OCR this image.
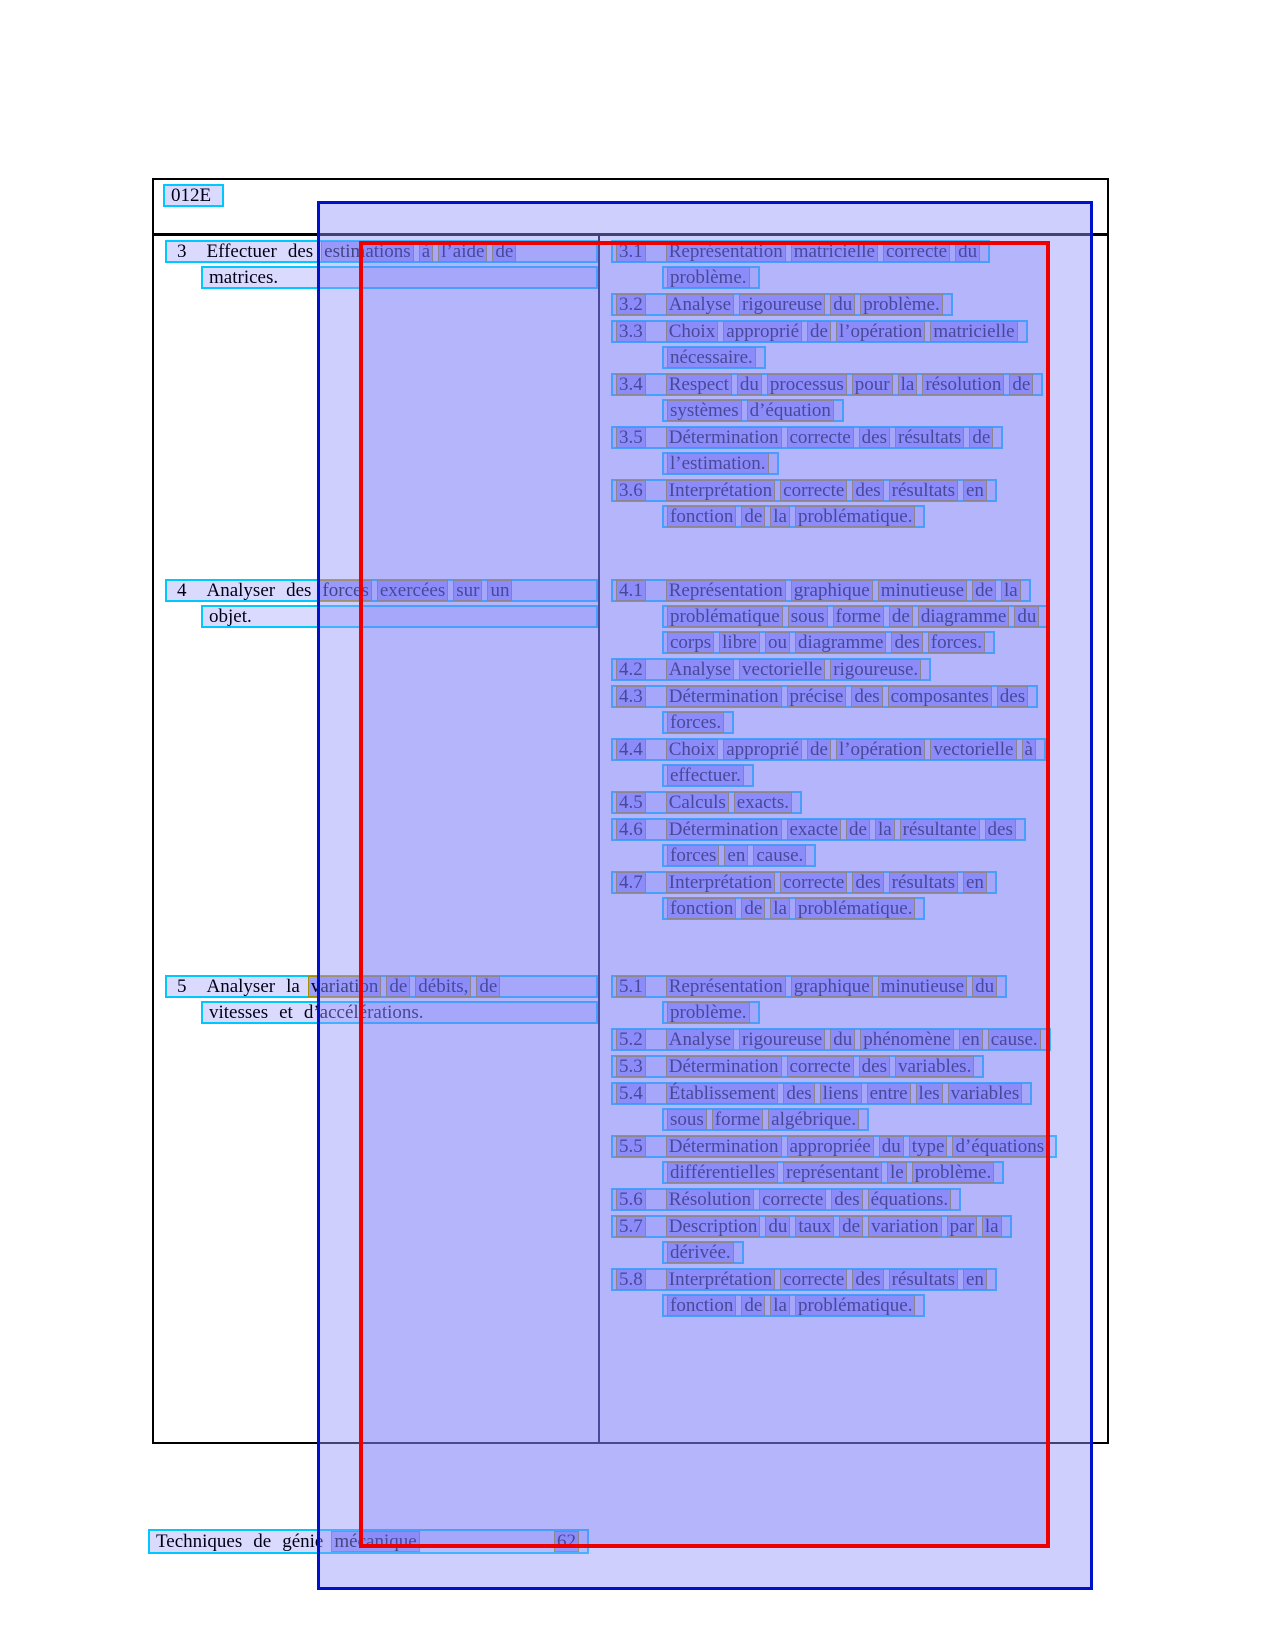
012E
3 Effectuer des estimations à l’aide de
matrices.
3.1 Représentation matricielle correcte du
problème.
3.2 Analyse rigoureuse du problème.
3.3 Choix approprié de l’opération matricielle
nécessaire.
3.4 Respect du processus pour la résolution de
systèmes d’équation
3.5 Détermination correcte des résultats de
l’estimation.
3.6 Interprétation correcte des résultats en
fonction de la problématique.
4 Analyser des forces exercées sur un
objet.
4.1 Représentation graphique minutieuse de la
problématique sous forme de diagramme du
corps libre ou diagramme des forces.
4.2 Analyse vectorielle rigoureuse.
4.3 Détermination précise des composantes des
forces.
4.4 Choix approprié de l’opération vectorielle à
effectuer.
4.5 Calculs exacts.
4.6 Détermination exacte de la résultante des
forces en cause.
4.7 Interprétation correcte des résultats en
fonction de la problématique.
5 Analyser la variation de débits, de
vitesses et d’accélérations.
5.1 Représentation graphique minutieuse du
problème.
5.2 Analyse rigoureuse du phénomène en cause.
5.3 Détermination correcte des variables.
5.4 Établissement des liens entre les variables
sous forme algébrique.
5.5 Détermination appropriée du type d’équations
différentielles représentant le problème.
5.6 Résolution correcte des équations.
5.7 Description du taux de variation par la
dérivée.
5.8 Interprétation correcte des résultats en
fonction de la problématique.
Techniques de génie mécanique	62
